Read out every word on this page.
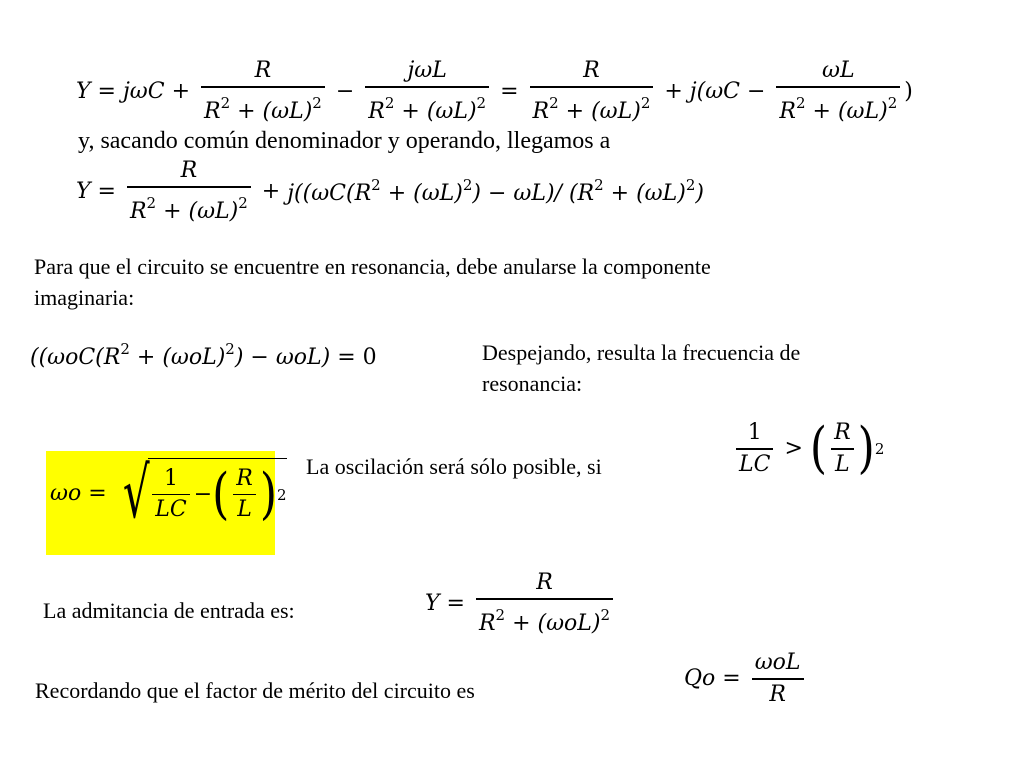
$Y = j\omega C + \frac{R}{R^2 + (\omega L)^2} - \frac{\text{jωL}}{R^2 + (\omega L)^2} = \frac{R}{R^2 + (\omega L)^2} + j(\omega C - \frac{\omega L}{R^2 + (\omega L)^2}$ )
y, sacando común denominador y operando, llegamos a
$Y = \frac{R}{R^2 + (\omega L)^2} + j((\omega C(R^2 + (\omega L)^2) - \omega L)/$ $(R^2 + (\omega L)^2)$
Para que el circuito se encuentre en resonancia, debe anularse la componente
imaginaria:
($(\omega oC(R^2 + (\omega oL)^2) - \omega oL) = 0$	Despejando, resulta la frecuencia de
resonancia:
ωo = √ $\frac{1}{LC}$ − ( $\frac{R}{L}$ ) 2
La oscilación será sólo posible, si	$\frac{1}{LC}$ > ( $\frac{R}{L}$ ) 2
La admitancia de entrada es:	$Y = \frac{R}{R^2 + (\omega oL)^2}$
Recordando que el factor de mérito del circuito es	$Qo = \frac{\text{ωoL}}{R}$
